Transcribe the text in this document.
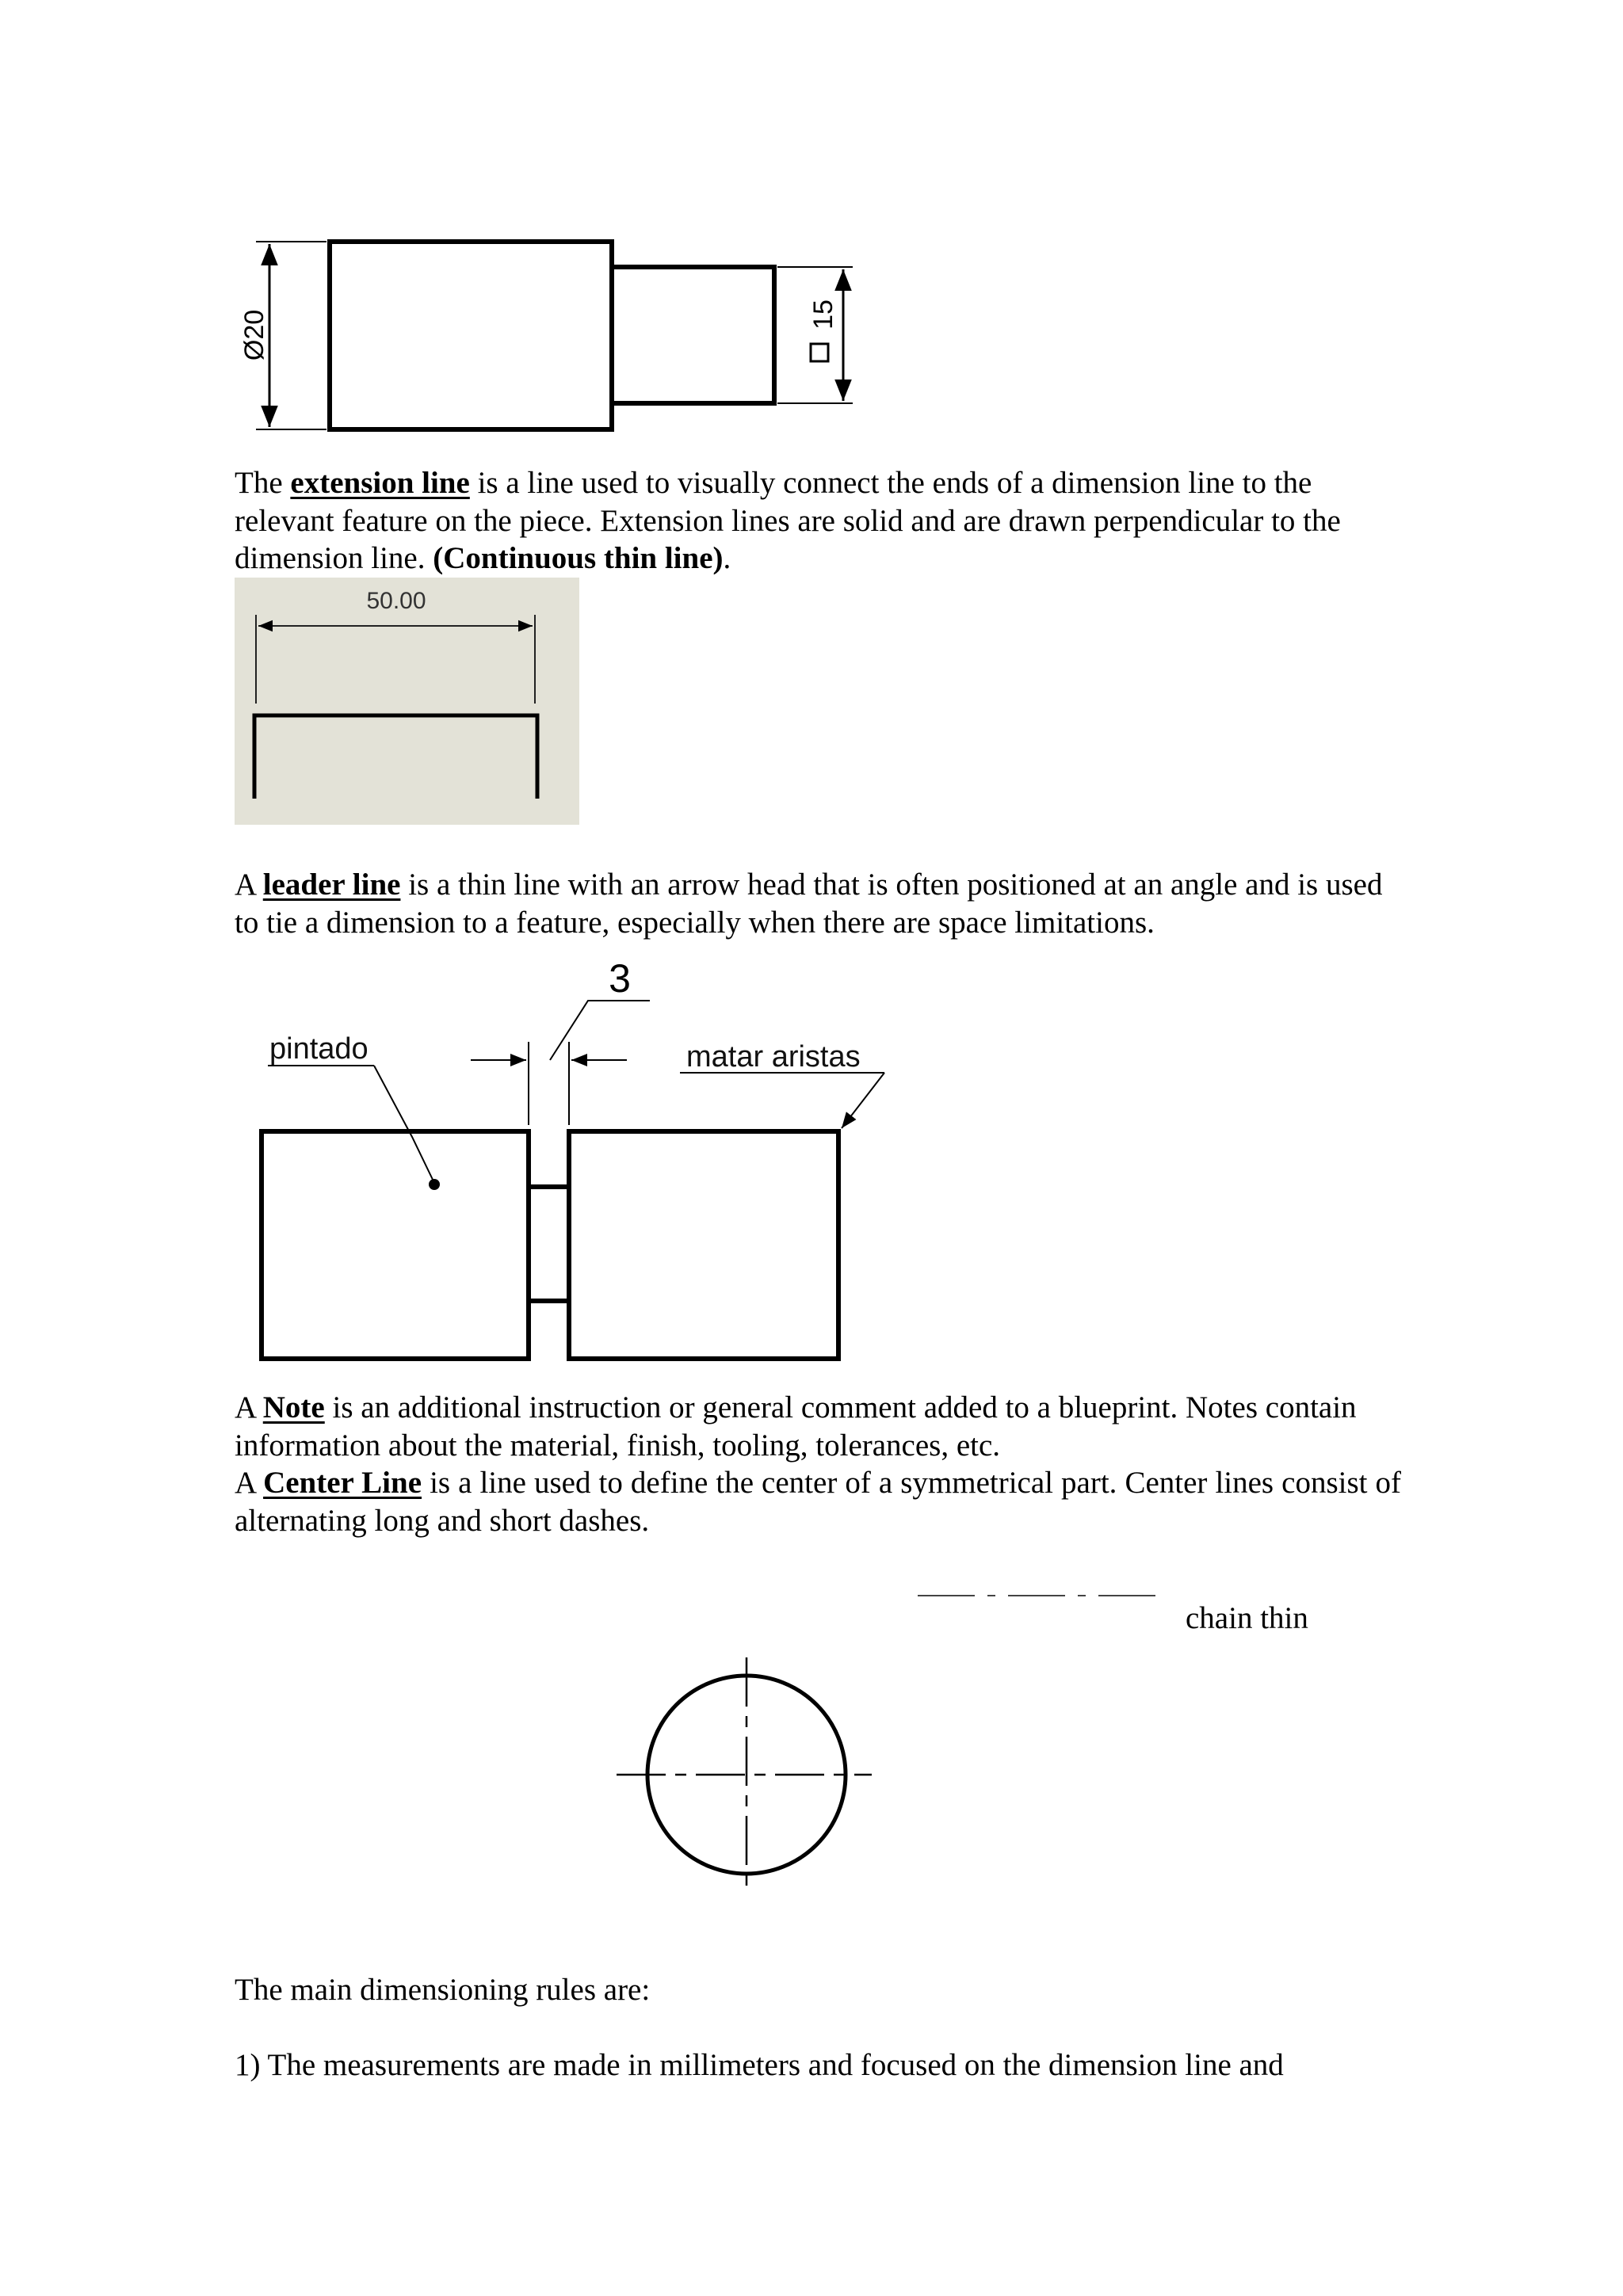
Ø20	15

The extension line is a line used to visually connect the ends of a dimension line to the relevant feature on the piece. Extension lines are solid and are drawn perpendicular to the dimension line. (Continuous thin line).

50.00

A leader line is a thin line with an arrow head that is often positioned at an angle and is used to tie a dimension to a feature, especially when there are space limitations.

pintado
3
matar aristas

A Note is an additional instruction or general comment added to a blueprint. Notes contain information about the material, finish, tooling, tolerances, etc.

A Center Line is a line used to define the center of a symmetrical part. Center lines consist of alternating long and short dashes.

chain thin

The main dimensioning rules are:

1) The measurements are made in millimeters and focused on the dimension line and
